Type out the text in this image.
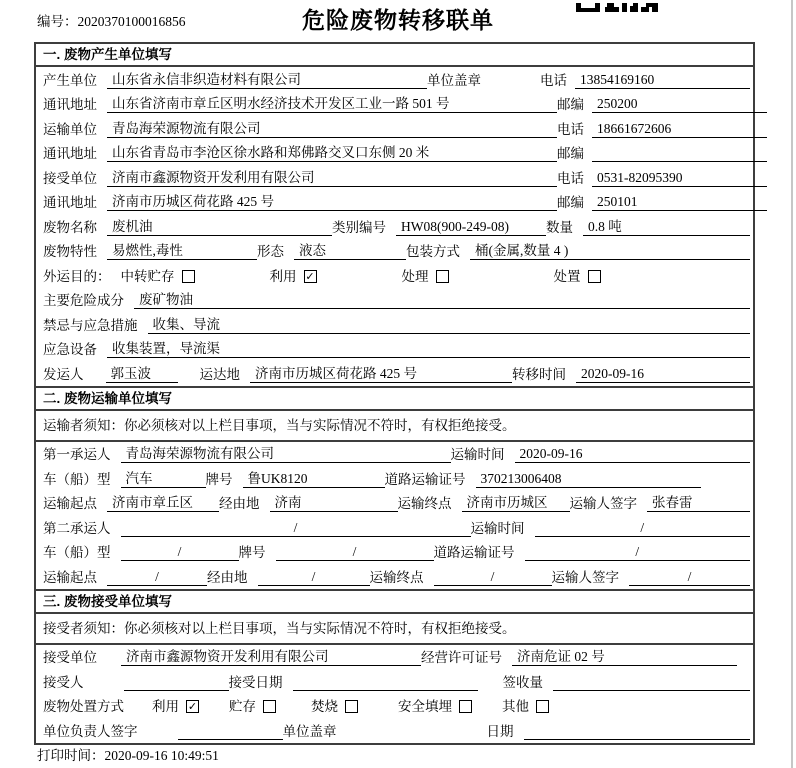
编号：2020370100016856	危险废物转移联单
一. 废物产生单位填写
产生单位	山东省永信非织造材料有限公司	单位盖章	电话 13854169160
通讯地址	山东省济南市章丘区明水经济技术开发区工业一路 501 号	邮编 250200
运输单位	青岛海荣源物流有限公司	电话 18661672606
通讯地址	山东省青岛市李沧区徐水路和郑佛路交叉口东侧 20 米	邮编
接受单位	济南市鑫源物资开发利用有限公司	电话 0531-82095390
通讯地址	济南市历城区荷花路 425 号	邮编 250101
废物名称	废机油	类别编号	HW08(900-249-08)	数量	0.8 吨
废物特性	易燃性,毒性	形态	液态	包装方式	桶(金属,数量 4 )
外运目的： 中转贮存	利用 ✓	处理	处置
主要危险成分	废矿物油
禁忌与应急措施	收集、导流
应急设备	收集装置，导流渠
发运人	郭玉波	运达地	济南市历城区荷花路 425 号	转移时间	2020-09-16
二. 废物运输单位填写
运输者须知：你必须核对以上栏目事项，当与实际情况不符时，有权拒绝接受。
第一承运人	青岛海荣源物流有限公司	运输时间	2020-09-16
车（船）型	汽车	牌号	鲁UK8120	道路运输证号	370213006408
运输起点	济南市章丘区	经由地	济南	运输终点	济南市历城区	运输人签字	张春雷
第二承运人	/	运输时间	/
车（船）型	/	牌号	/	道路运输证号	/
运输起点	/	经由地	/	运输终点	/	运输人签字	/
三. 废物接受单位填写
接受者须知：你必须核对以上栏目事项，当与实际情况不符时，有权拒绝接受。
接受单位	济南市鑫源物资开发利用有限公司	经营许可证号	济南危证 02 号
接受人	接受日期	签收量
废物处置方式 利用 ✓ 贮存	焚烧	安全填埋	其他
单位负责人签字	单位盖章	日期
打印时间：2020-09-16 10:49:51
